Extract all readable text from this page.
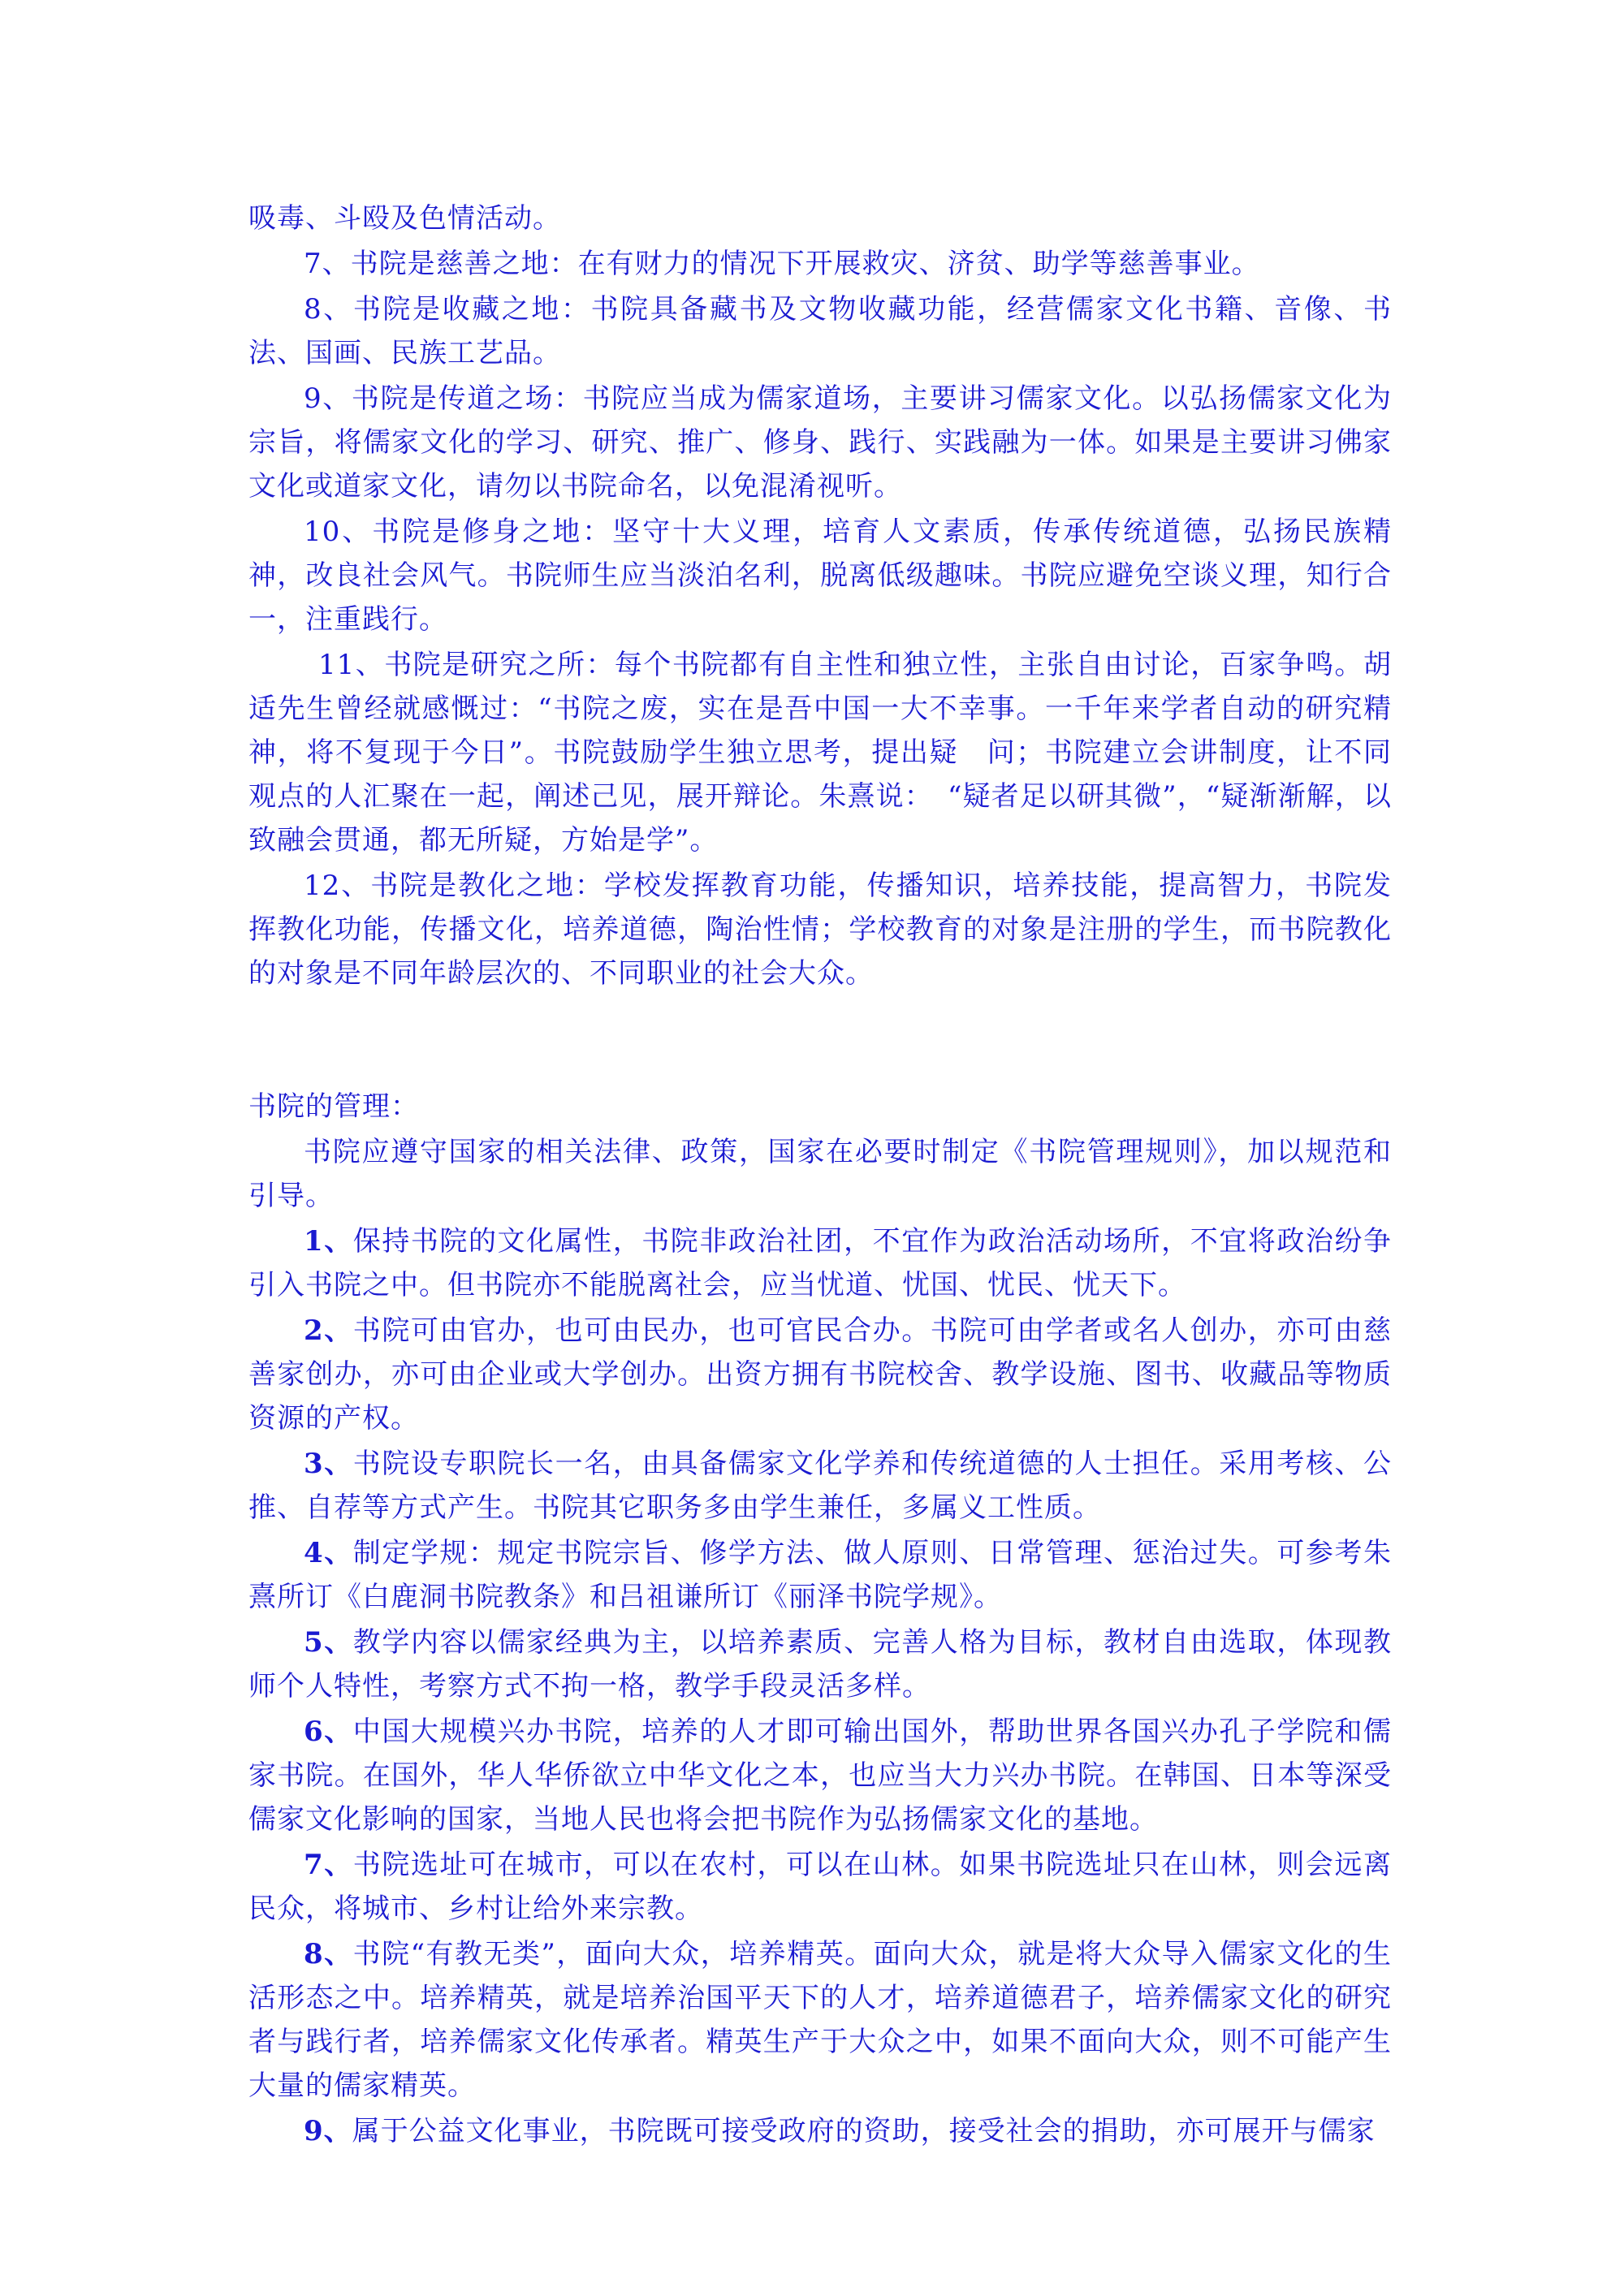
吸毒、斗殴及色情活动。

7、书院是慈善之地：在有财力的情况下开展救灾、济贫、助学等慈善事业。

8、书院是收藏之地：书院具备藏书及文物收藏功能，经营儒家文化书籍、音像、书法、国画、民族工艺品。

9、书院是传道之场：书院应当成为儒家道场，主要讲习儒家文化。以弘扬儒家文化为宗旨，将儒家文化的学习、研究、推广、修身、践行、实践融为一体。如果是主要讲习佛家文化或道家文化，请勿以书院命名，以免混淆视听。

10、书院是修身之地：坚守十大义理，培育人文素质，传承传统道德，弘扬民族精神，改良社会风气。书院师生应当淡泊名利，脱离低级趣味。书院应避免空谈义理，知行合一，注重践行。

11、书院是研究之所：每个书院都有自主性和独立性，主张自由讨论，百家争鸣。胡适先生曾经就感慨过：“书院之废，实在是吾中国一大不幸事。一千年来学者自动的研究精神，将不复现于今日”。书院鼓励学生独立思考，提出疑　问；书院建立会讲制度，让不同观点的人汇聚在一起，阐述己见，展开辩论。朱熹说：　“疑者足以研其微”，“疑渐渐解，以致融会贯通，都无所疑，方始是学”。

12、书院是教化之地：学校发挥教育功能，传播知识，培养技能，提高智力，书院发挥教化功能，传播文化，培养道德，陶治性情；学校教育的对象是注册的学生，而书院教化的对象是不同年龄层次的、不同职业的社会大众。

书院的管理：

书院应遵守国家的相关法律、政策，国家在必要时制定《书院管理规则》，加以规范和引导。

1、保持书院的文化属性，书院非政治社团，不宜作为政治活动场所，不宜将政治纷争引入书院之中。但书院亦不能脱离社会，应当忧道、忧国、忧民、忧天下。

2、书院可由官办，也可由民办，也可官民合办。书院可由学者或名人创办，亦可由慈善家创办，亦可由企业或大学创办。出资方拥有书院校舍、教学设施、图书、收藏品等物质资源的产权。

3、书院设专职院长一名，由具备儒家文化学养和传统道德的人士担任。采用考核、公推、自荐等方式产生。书院其它职务多由学生兼任，多属义工性质。

4、制定学规：规定书院宗旨、修学方法、做人原则、日常管理、惩治过失。可参考朱熹所订《白鹿洞书院教条》和吕祖谦所订《丽泽书院学规》。

5、教学内容以儒家经典为主，以培养素质、完善人格为目标，教材自由选取，体现教师个人特性，考察方式不拘一格，教学手段灵活多样。

6、中国大规模兴办书院，培养的人才即可输出国外，帮助世界各国兴办孔子学院和儒家书院。在国外，华人华侨欲立中华文化之本，也应当大力兴办书院。在韩国、日本等深受儒家文化影响的国家，当地人民也将会把书院作为弘扬儒家文化的基地。

7、书院选址可在城市，可以在农村，可以在山林。如果书院选址只在山林，则会远离民众，将城市、乡村让给外来宗教。

8、书院“有教无类”，面向大众，培养精英。面向大众，就是将大众导入儒家文化的生活形态之中。培养精英，就是培养治国平天下的人才，培养道德君子，培养儒家文化的研究者与践行者，培养儒家文化传承者。精英生产于大众之中，如果不面向大众，则不可能产生大量的儒家精英。

9、属于公益文化事业，书院既可接受政府的资助，接受社会的捐助，亦可展开与儒家
